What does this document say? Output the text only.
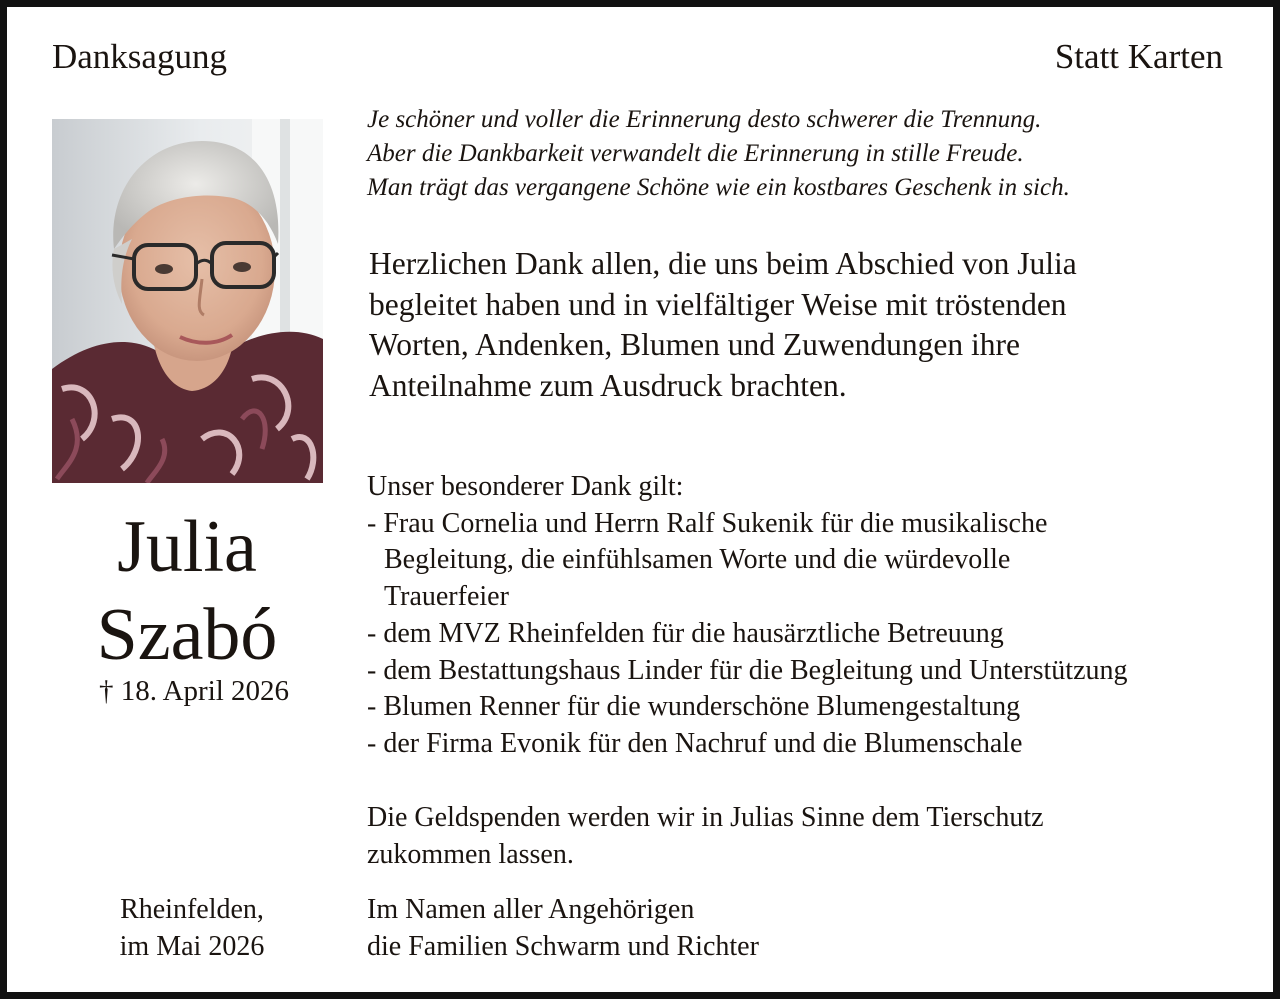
Danksagung	Statt Karten
Julia
Szabó
† 18. April 2026
Je schöner und voller die Erinnerung desto schwerer die Trennung.
Aber die Dankbarkeit verwandelt die Erinnerung in stille Freude.
Man trägt das vergangene Schöne wie ein kostbares Geschenk in sich.
Herzlichen Dank allen, die uns beim Abschied von Julia
begleitet haben und in vielfältiger Weise mit tröstenden
Worten, Andenken, Blumen und Zuwendungen ihre
Anteilnahme zum Ausdruck brachten.
Unser besonderer Dank gilt:
- Frau Cornelia und Herrn Ralf Sukenik für die musikalische
Begleitung, die einfühlsamen Worte und die würdevolle
Trauerfeier
- dem MVZ Rheinfelden für die hausärztliche Betreuung
- dem Bestattungshaus Linder für die Begleitung und Unterstützung
- Blumen Renner für die wunderschöne Blumengestaltung
- der Firma Evonik für den Nachruf und die Blumenschale
Die Geldspenden werden wir in Julias Sinne dem Tierschutz
zukommen lassen.
Rheinfelden,
im Mai 2026
Im Namen aller Angehörigen
die Familien Schwarm und Richter
